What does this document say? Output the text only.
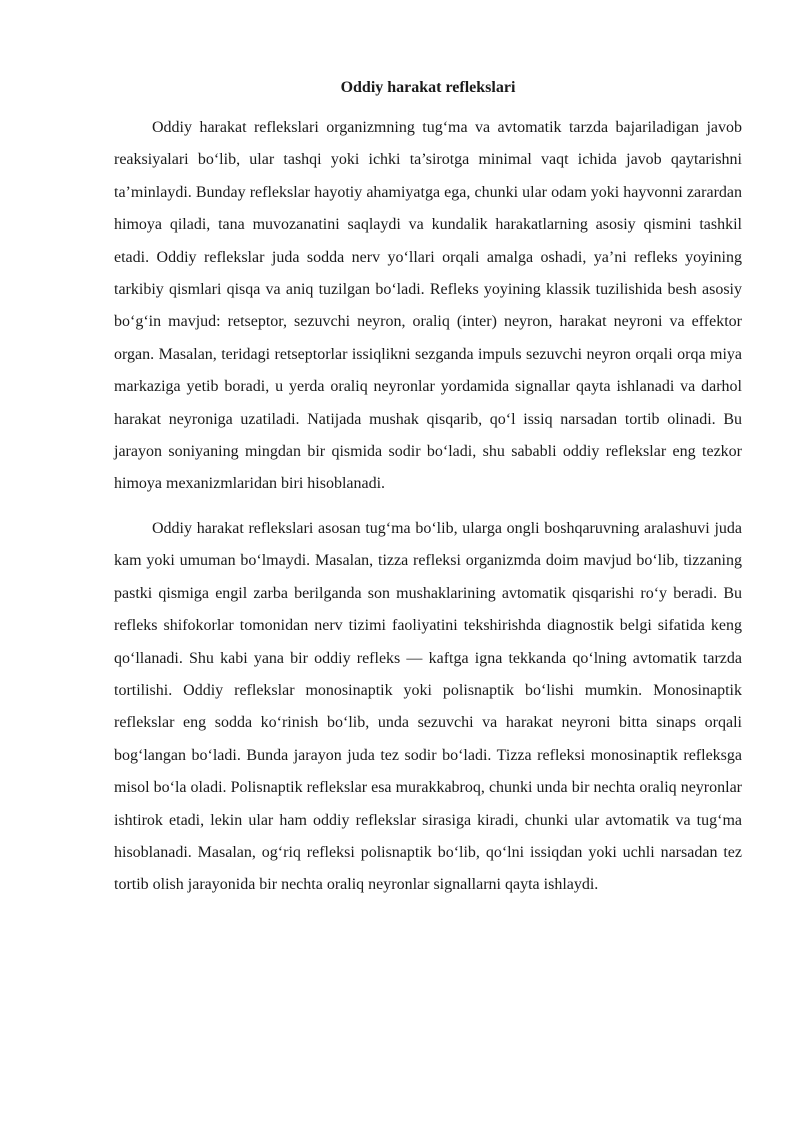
Oddiy harakat reflekslari

Oddiy harakat reflekslari organizmning tug‘ma va avtomatik tarzda bajariladigan javob reaksiyalari bo‘lib, ular tashqi yoki ichki ta’sirotga minimal vaqt ichida javob qaytarishni ta’minlaydi. Bunday reflekslar hayotiy ahamiyatga ega, chunki ular odam yoki hayvonni zarardan himoya qiladi, tana muvozanatini saqlaydi va kundalik harakatlarning asosiy qismini tashkil etadi. Oddiy reflekslar juda sodda nerv yo‘llari orqali amalga oshadi, ya’ni refleks yoyining tarkibiy qismlari qisqa va aniq tuzilgan bo‘ladi. Refleks yoyining klassik tuzilishida besh asosiy bo‘g‘in mavjud: retseptor, sezuvchi neyron, oraliq (inter) neyron, harakat neyroni va effektor organ. Masalan, teridagi retseptorlar issiqlikni sezganda impuls sezuvchi neyron orqali orqa miya markaziga yetib boradi, u yerda oraliq neyronlar yordamida signallar qayta ishlanadi va darhol harakat neyroniga uzatiladi. Natijada mushak qisqarib, qo‘l issiq narsadan tortib olinadi. Bu jarayon soniyaning mingdan bir qismida sodir bo‘ladi, shu sababli oddiy reflekslar eng tezkor himoya mexanizmlaridan biri hisoblanadi.

Oddiy harakat reflekslari asosan tug‘ma bo‘lib, ularga ongli boshqaruvning aralashuvi juda kam yoki umuman bo‘lmaydi. Masalan, tizza refleksi organizmda doim mavjud bo‘lib, tizzaning pastki qismiga engil zarba berilganda son mushaklarining avtomatik qisqarishi ro‘y beradi. Bu refleks shifokorlar tomonidan nerv tizimi faoliyatini tekshirishda diagnostik belgi sifatida keng qo‘llanadi. Shu kabi yana bir oddiy refleks — kaftga igna tekkanda qo‘lning avtomatik tarzda tortilishi. Oddiy reflekslar monosinaptik yoki polisnaptik bo‘lishi mumkin. Monosinaptik reflekslar eng sodda ko‘rinish bo‘lib, unda sezuvchi va harakat neyroni bitta sinaps orqali bog‘langan bo‘ladi. Bunda jarayon juda tez sodir bo‘ladi. Tizza refleksi monosinaptik refleksga misol bo‘la oladi. Polisnaptik reflekslar esa murakkabroq, chunki unda bir nechta oraliq neyronlar ishtirok etadi, lekin ular ham oddiy reflekslar sirasiga kiradi, chunki ular avtomatik va tug‘ma hisoblanadi. Masalan, og‘riq refleksi polisnaptik bo‘lib, qo‘lni issiqdan yoki uchli narsadan tez tortib olish jarayonida bir nechta oraliq neyronlar signallarni qayta ishlaydi.
